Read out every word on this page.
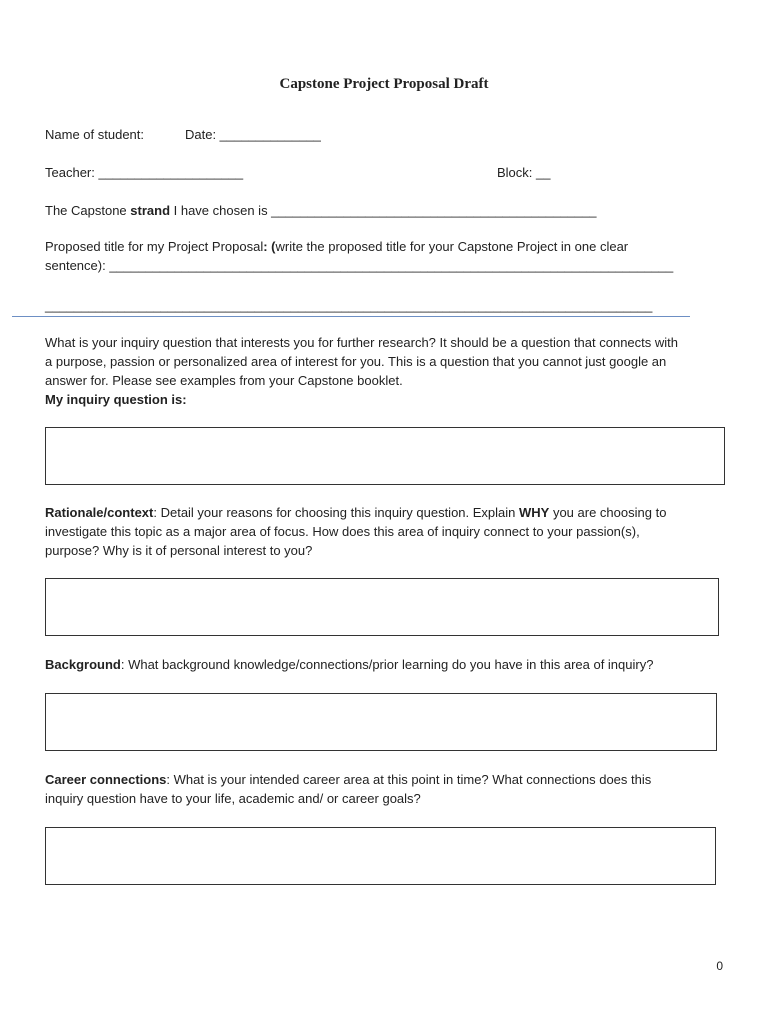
Capstone Project Proposal Draft
Name of student:	Date: ______________
Teacher: ____________________	Block: __
The Capstone strand I have chosen is _____________________________________________
Proposed title for my Project Proposal: (write the proposed title for your Capstone Project in one clear
sentence): ______________________________________________________________________________
____________________________________________________________________________________
What is your inquiry question that interests you for further research? It should be a question that connects with
a purpose, passion or personalized area of interest for you. This is a question that you cannot just google an
answer for. Please see examples from your Capstone booklet.
My inquiry question is:
Rationale/context: Detail your reasons for choosing this inquiry question. Explain WHY you are choosing to
investigate this topic as a major area of focus. How does this area of inquiry connect to your passion(s),
purpose? Why is it of personal interest to you?
Background: What background knowledge/connections/prior learning do you have in this area of inquiry?
Career connections: What is your intended career area at this point in time? What connections does this
inquiry question have to your life, academic and/ or career goals?
0
